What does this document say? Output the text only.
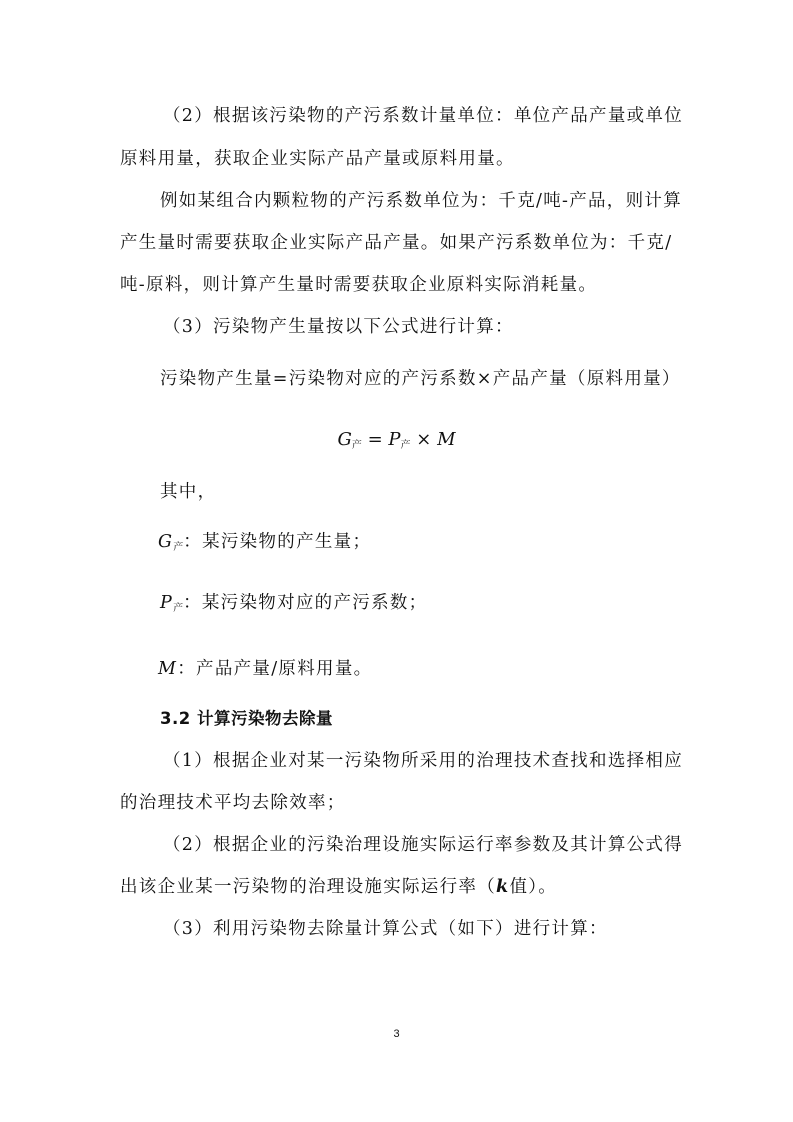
（2）根据该污染物的产污系数计量单位：单位产品产量或单位
原料用量，获取企业实际产品产量或原料用量。
例如某组合内颗粒物的产污系数单位为：千克/吨-产品，则计算
产生量时需要获取企业实际产品产量。如果产污系数单位为：千克/
吨-原料，则计算产生量时需要获取企业原料实际消耗量。
（3）污染物产生量按以下公式进行计算：
污染物产生量=污染物对应的产污系数×产品产量（原料用量）
$G_产 = P_产 \times M$
其中，
$G_产$：某污染物的产生量；
$P_产$：某污染物对应的产污系数；
M：产品产量/原料用量。
3.2 计算污染物去除量
（1）根据企业对某一污染物所采用的治理技术查找和选择相应
的治理技术平均去除效率；
（2）根据企业的污染治理设施实际运行率参数及其计算公式得
出该企业某一污染物的治理设施实际运行率（k值）。
（3）利用污染物去除量计算公式（如下）进行计算：
3
